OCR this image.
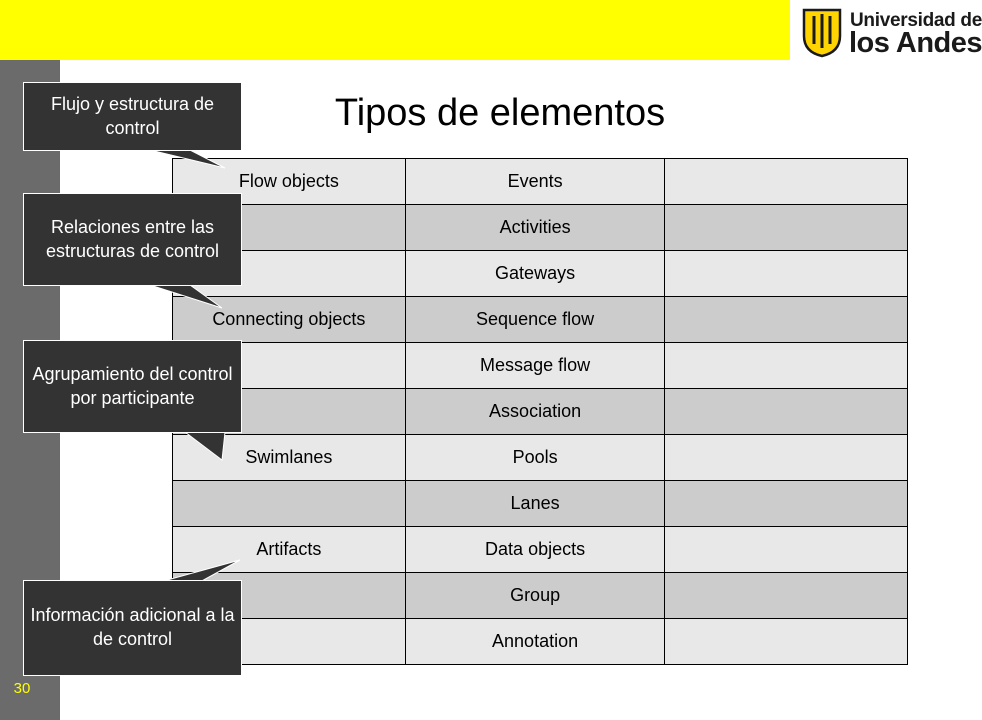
Universidad de
los Andes
Tipos de elementos
Flow objects	Events	
	Activities	
	Gateways	
Connecting objects	Sequence flow	
	Message flow	
	Association	
Swimlanes	Pools	
	Lanes	
Artifacts	Data objects	
	Group	
	Annotation	
Flujo y estructura de control
Relaciones entre las estructuras de control
Agrupamiento del control por participante
Información adicional a la de control
30
